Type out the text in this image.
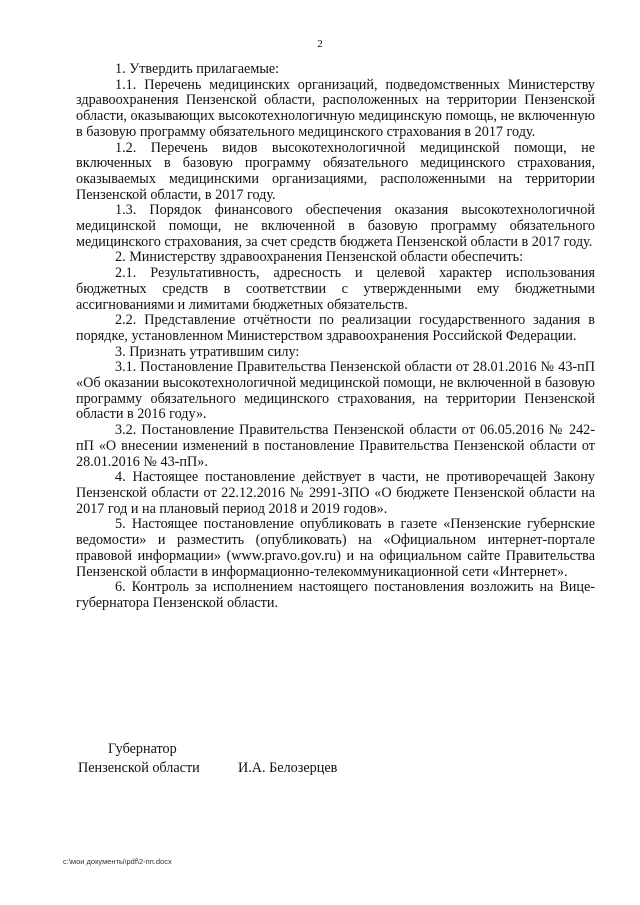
2

1. Утвердить прилагаемые:

1.1. Перечень медицинских организаций, подведомственных Министерству здравоохранения Пензенской области, расположенных на территории Пензенской области, оказывающих высокотехнологичную медицинскую помощь, не включенную в базовую программу обязательного медицинского страхования в 2017 году.

1.2. Перечень видов высокотехнологичной медицинской помощи, не включенных в базовую программу обязательного медицинского страхования, оказываемых медицинскими организациями, расположенными на территории Пензенской области, в 2017 году.

1.3. Порядок финансового обеспечения оказания высокотехнологичной медицинской помощи, не включенной в базовую программу обязательного медицинского страхования, за счет средств бюджета Пензенской области в 2017 году.

2. Министерству здравоохранения Пензенской области обеспечить:

2.1. Результативность, адресность и целевой характер использования бюджетных средств в соответствии с утвержденными ему бюджетными ассигнованиями и лимитами бюджетных обязательств.

2.2. Представление отчётности по реализации государственного задания в порядке, установленном Министерством здравоохранения Российской Федерации.

3. Признать утратившим силу:

3.1. Постановление Правительства Пензенской области от 28.01.2016 № 43-пП «Об оказании высокотехнологичной медицинской помощи, не включенной в базовую программу обязательного медицинского страхования, на территории Пензенской области в 2016 году».

3.2. Постановление Правительства Пензенской области от 06.05.2016 № 242-пП «О внесении изменений в постановление Правительства Пензенской области от 28.01.2016 № 43-пП».

4. Настоящее постановление действует в части, не противоречащей Закону Пензенской области от 22.12.2016 № 2991-ЗПО «О бюджете Пензенской области на 2017 год и на плановый период 2018 и 2019 годов».

5. Настоящее постановление опубликовать в газете «Пензенские губернские ведомости» и разместить (опубликовать) на «Официальном интернет-портале правовой информации» (www.pravo.gov.ru) и на официальном сайте Правительства Пензенской области в информационно-телекоммуникационной сети «Интернет».

6. Контроль за исполнением настоящего постановления возложить на Вице-губернатора Пензенской области.

Губернатор
Пензенской области	И.А. Белозерцев
c:\мои документы\pdf\2-пп.docx
